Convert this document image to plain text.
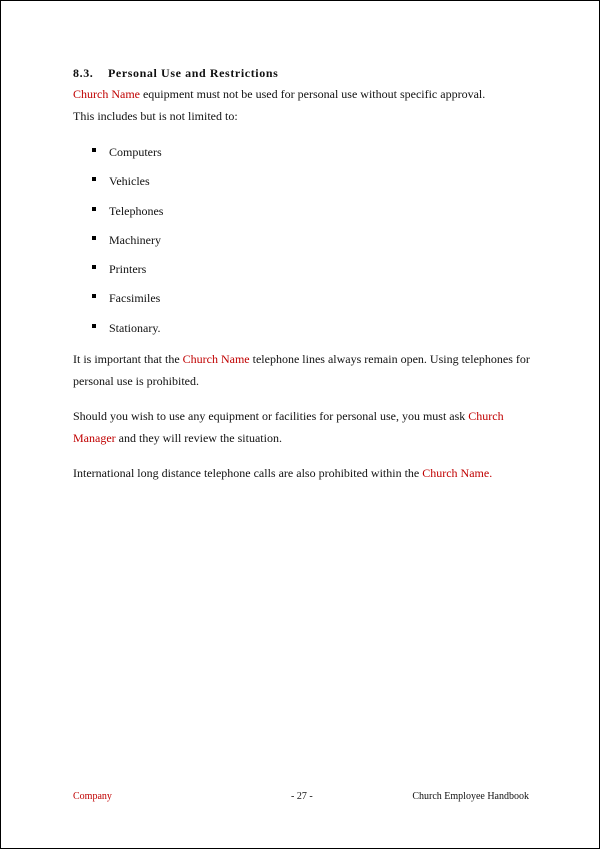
8.3. Personal Use and Restrictions

Church Name equipment must not be used for personal use without specific approval.
This includes but is not limited to:

Computers
Vehicles
Telephones
Machinery
Printers
Facsimiles
Stationary.

It is important that the Church Name telephone lines always remain open. Using telephones for personal use is prohibited.

Should you wish to use any equipment or facilities for personal use, you must ask Church Manager and they will review the situation.

International long distance telephone calls are also prohibited within the Church Name.

Company	- 27 -	Church Employee Handbook
